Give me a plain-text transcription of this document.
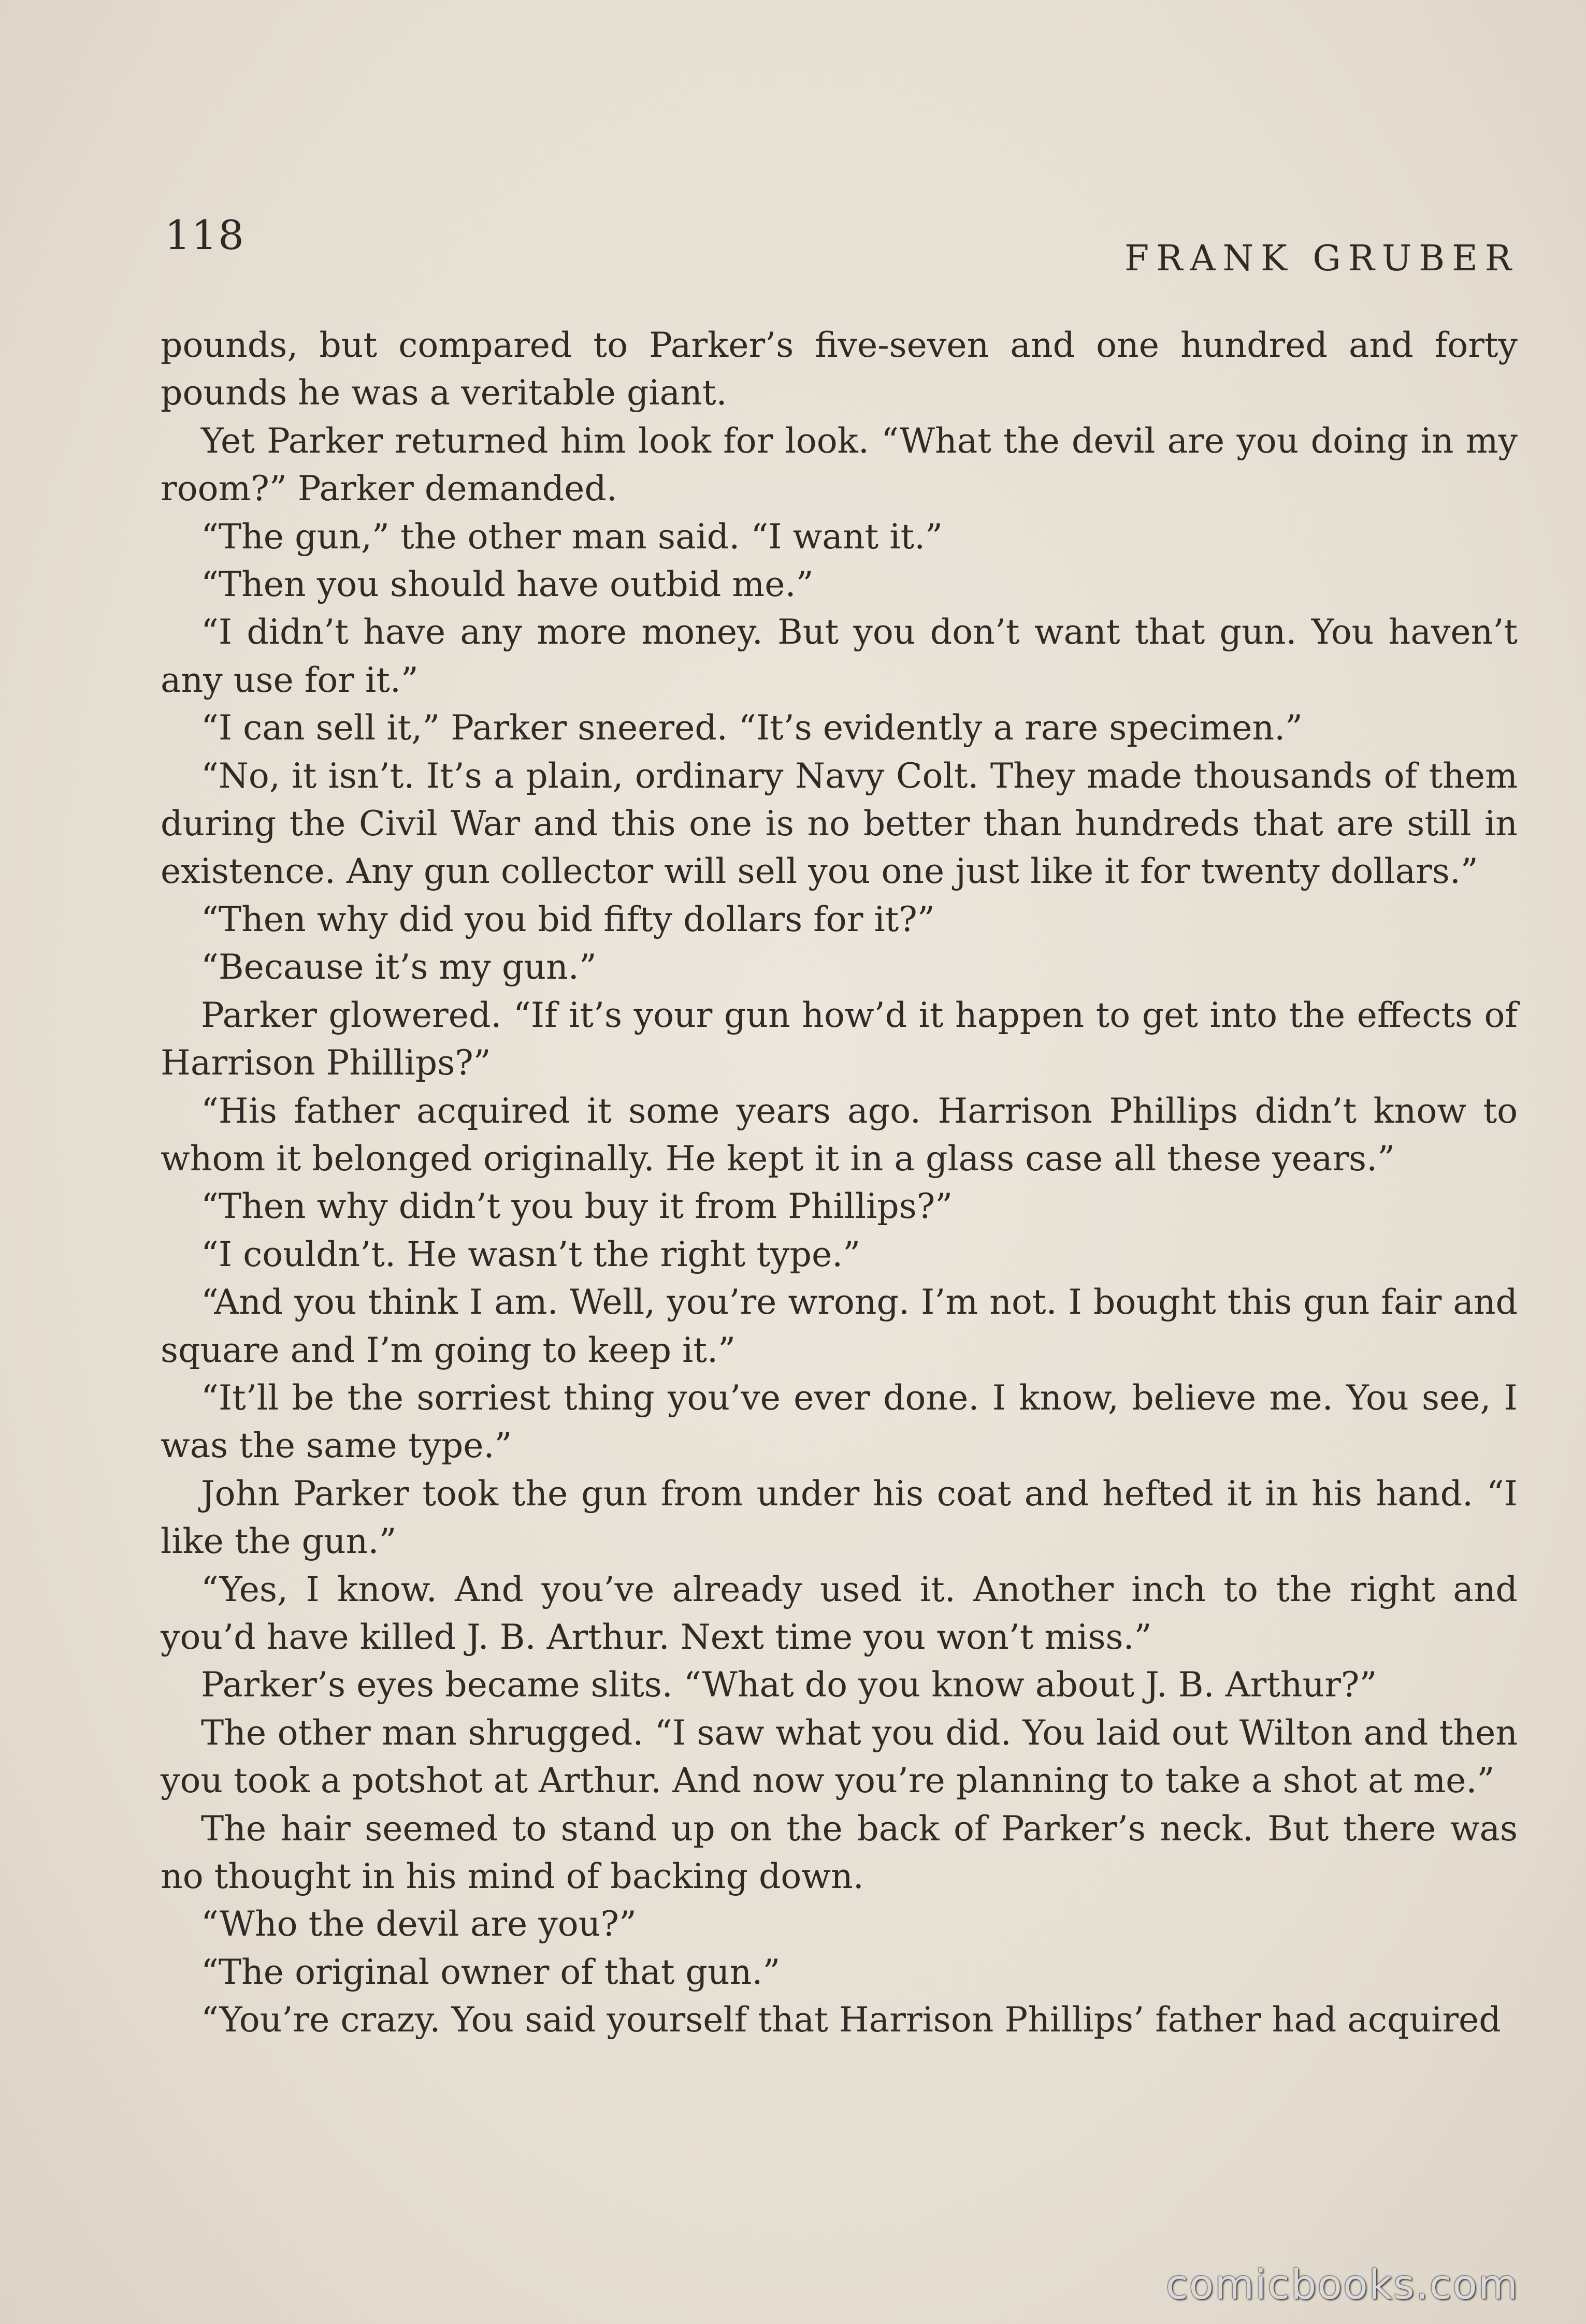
118	FRANK GRUBER

pounds, but compared to Parker’s five-seven and one hundred and forty pounds he was a veritable giant.

Yet Parker returned him look for look. “What the devil are you doing in my room?” Parker demanded.

“The gun,” the other man said. “I want it.”

“Then you should have outbid me.”

“I didn’t have any more money. But you don’t want that gun. You haven’t any use for it.”

“I can sell it,” Parker sneered. “It’s evidently a rare specimen.”

“No, it isn’t. It’s a plain, ordinary Navy Colt. They made thousands of them during the Civil War and this one is no better than hundreds that are still in existence. Any gun collector will sell you one just like it for twenty dollars.”

“Then why did you bid fifty dollars for it?”

“Because it’s my gun.”

Parker glowered. “If it’s your gun how’d it happen to get into the effects of Harrison Phillips?”

“His father acquired it some years ago. Harrison Phillips didn’t know to whom it belonged originally. He kept it in a glass case all these years.”

“Then why didn’t you buy it from Phillips?”

“I couldn’t. He wasn’t the right type.”

“And you think I am. Well, you’re wrong. I’m not. I bought this gun fair and square and I’m going to keep it.”

“It’ll be the sorriest thing you’ve ever done. I know, believe me. You see, I was the same type.”

John Parker took the gun from under his coat and hefted it in his hand. “I like the gun.”

“Yes, I know. And you’ve already used it. Another inch to the right and you’d have killed J. B. Arthur. Next time you won’t miss.”

Parker’s eyes became slits. “What do you know about J. B. Arthur?”

The other man shrugged. “I saw what you did. You laid out Wilton and then you took a potshot at Arthur. And now you’re planning to take a shot at me.”

The hair seemed to stand up on the back of Parker’s neck. But there was no thought in his mind of backing down.

“Who the devil are you?”

“The original owner of that gun.”

“You’re crazy. You said yourself that Harrison Phillips’ father had acquired

comicbooks.com
